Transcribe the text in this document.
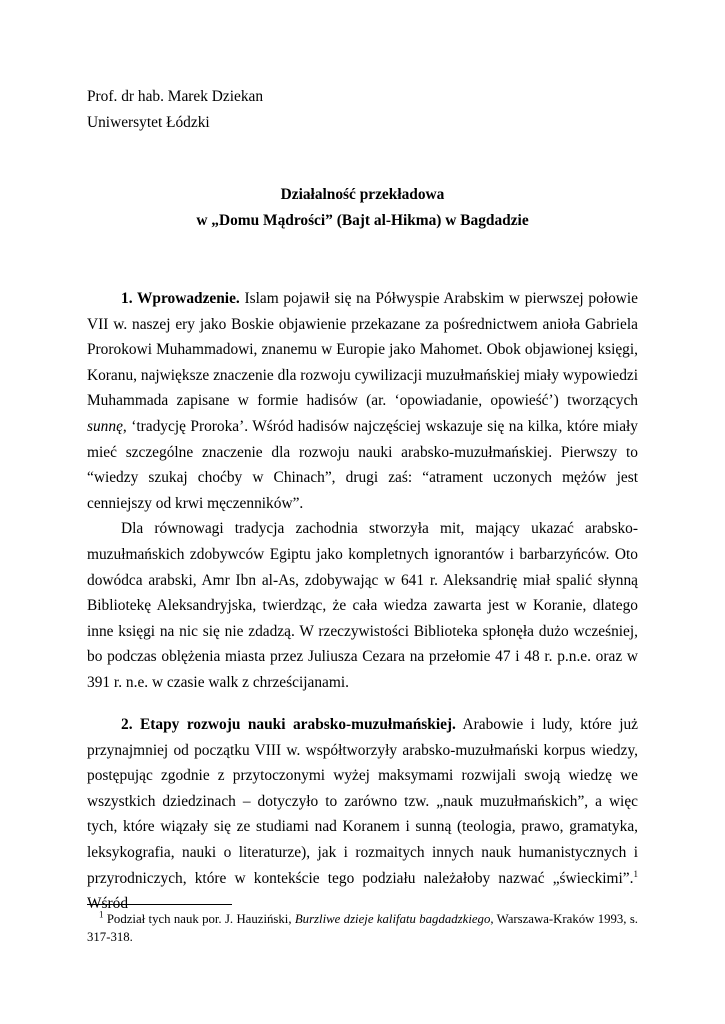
Prof. dr hab. Marek Dziekan
Uniwersytet Łódzki
Działalność przekładowa
w „Domu Mądrości” (Bajt al-Hikma) w Bagdadzie

1. Wprowadzenie. Islam pojawił się na Półwyspie Arabskim w pierwszej połowie VII w. naszej ery jako Boskie objawienie przekazane za pośrednictwem anioła Gabriela Prorokowi Muhammadowi, znanemu w Europie jako Mahomet. Obok objawionej księgi, Koranu, największe znaczenie dla rozwoju cywilizacji muzułmańskiej miały wypowiedzi Muhammada zapisane w formie hadisów (ar. ‘opowiadanie, opowieść’) tworzących sunnę, ‘tradycję Proroka’. Wśród hadisów najczęściej wskazuje się na kilka, które miały mieć szczególne znaczenie dla rozwoju nauki arabsko-muzułmańskiej. Pierwszy to “wiedzy szukaj choćby w Chinach”, drugi zaś: “atrament uczonych mężów jest cenniejszy od krwi męczenników”.

Dla równowagi tradycja zachodnia stworzyła mit, mający ukazać arabsko-muzułmańskich zdobywców Egiptu jako kompletnych ignorantów i barbarzyńców. Oto dowódca arabski, Amr Ibn al-As, zdobywając w 641 r. Aleksandrię miał spalić słynną Bibliotekę Aleksandryjska, twierdząc, że cała wiedza zawarta jest w Koranie, dlatego inne księgi na nic się nie zdadzą. W rzeczywistości Biblioteka spłonęła dużo wcześniej, bo podczas oblężenia miasta przez Juliusza Cezara na przełomie 47 i 48 r. p.n.e. oraz w 391 r. n.e. w czasie walk z chrześcijanami.

2. Etapy rozwoju nauki arabsko-muzułmańskiej. Arabowie i ludy, które już przynajmniej od początku VIII w. współtworzyły arabsko-muzułmański korpus wiedzy, postępując zgodnie z przytoczonymi wyżej maksymami rozwijali swoją wiedzę we wszystkich dziedzinach – dotyczyło to zarówno tzw. „nauk muzułmańskich”, a więc tych, które wiązały się ze studiami nad Koranem i sunną (teologia, prawo, gramatyka, leksykografia, nauki o literaturze), jak i rozmaitych innych nauk humanistycznych i przyrodniczych, które w kontekście tego podziału należałoby nazwać „świeckimi”.$^1$ Wśród

$^1$ Podział tych nauk por. J. Hauziński, Burzliwe dzieje kalifatu bagdadzkiego, Warszawa-Kraków 1993, s. 317-318.
